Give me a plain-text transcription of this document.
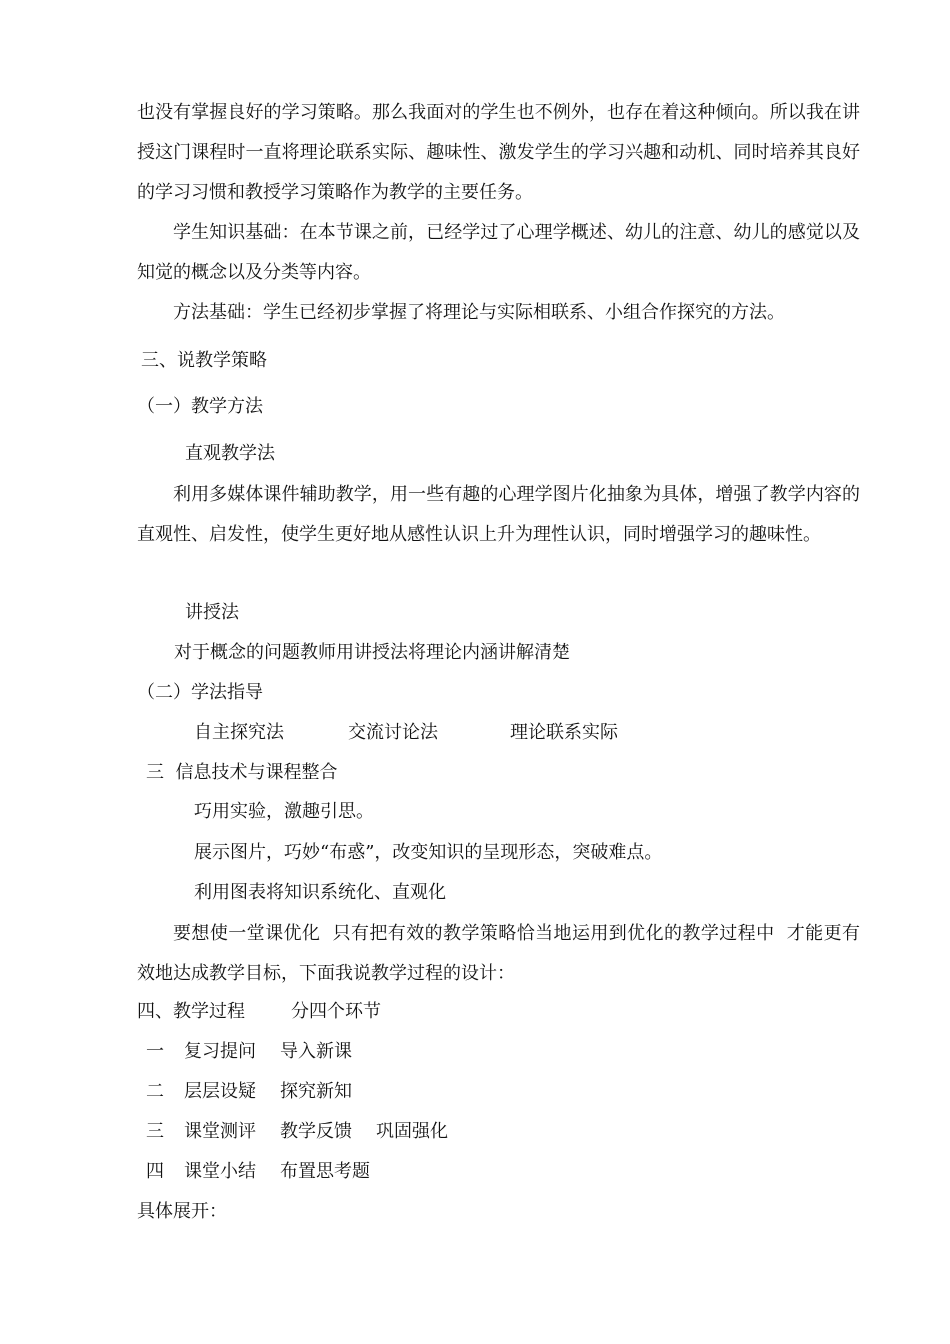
也没有掌握良好的学习策略。那么我面对的学生也不例外，也存在着这种倾向。所以我在讲授这门课程时一直将理论联系实际、趣味性、激发学生的学习兴趣和动机、同时培养其良好的学习习惯和教授学习策略作为教学的主要任务。

学生知识基础：在本节课之前，已经学过了心理学概述、幼儿的注意、幼儿的感觉以及知觉的概念以及分类等内容。

方法基础：学生已经初步掌握了将理论与实际相联系、小组合作探究的方法。

三、说教学策略
（一）教学方法
直观教学法

利用多媒体课件辅助教学，用一些有趣的心理学图片化抽象为具体，增强了教学内容的直观性、启发性，使学生更好地从感性认识上升为理性认识，同时增强学习的趣味性。

讲授法
对于概念的问题教师用讲授法将理论内涵讲解清楚
（二）学法指导
自主探究法	交流讨论法	理论联系实际
三  信息技术与课程整合
巧用实验，激趣引思。
展示图片，巧妙“布惑”，改变知识的呈现形态，突破难点。
利用图表将知识系统化、直观化

要想使一堂课优化  只有把有效的教学策略恰当地运用到优化的教学过程中  才能更有效地达成教学目标，下面我说教学过程的设计：

四、教学过程	分四个环节
一 复习提问 导入新课
二 层层设疑 探究新知
三 课堂测评 教学反馈 巩固强化
四 课堂小结 布置思考题
具体展开：
